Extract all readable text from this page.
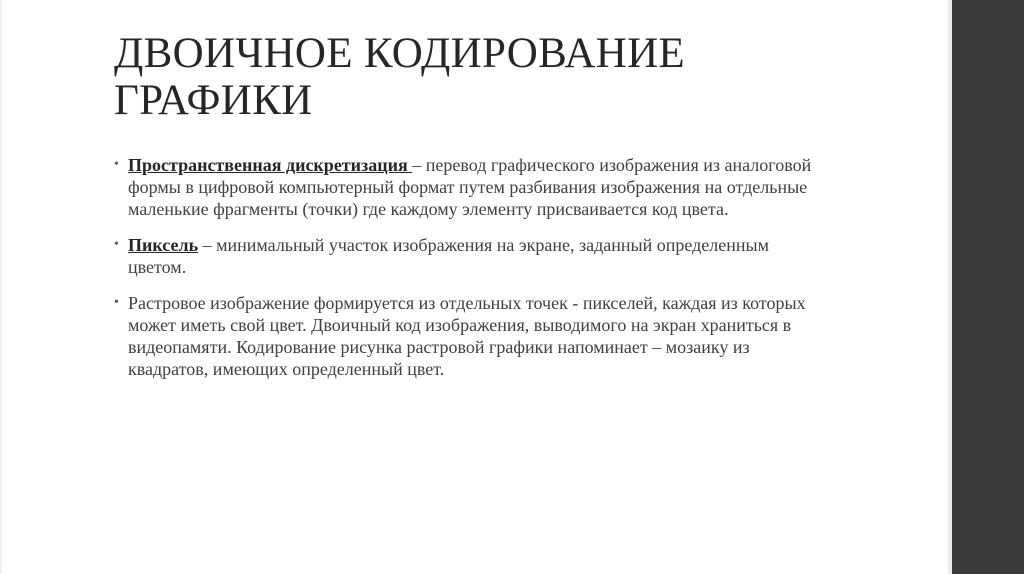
ДВОИЧНОЕ КОДИРОВАНИЕ
ГРАФИКИ
• Пространственная дискретизация – перевод графического изображения из аналоговой формы в цифровой компьютерный формат путем разбивания изображения на отдельные маленькие фрагменты (точки) где каждому элементу присваивается код цвета.
• Пиксель – минимальный участок изображения на экране, заданный определенным цветом.
• Растровое изображение формируется из отдельных точек - пикселей, каждая из которых может иметь свой цвет. Двоичный код изображения, выводимого на экран храниться в видеопамяти. Кодирование рисунка растровой графики напоминает – мозаику из квадратов, имеющих определенный цвет.
